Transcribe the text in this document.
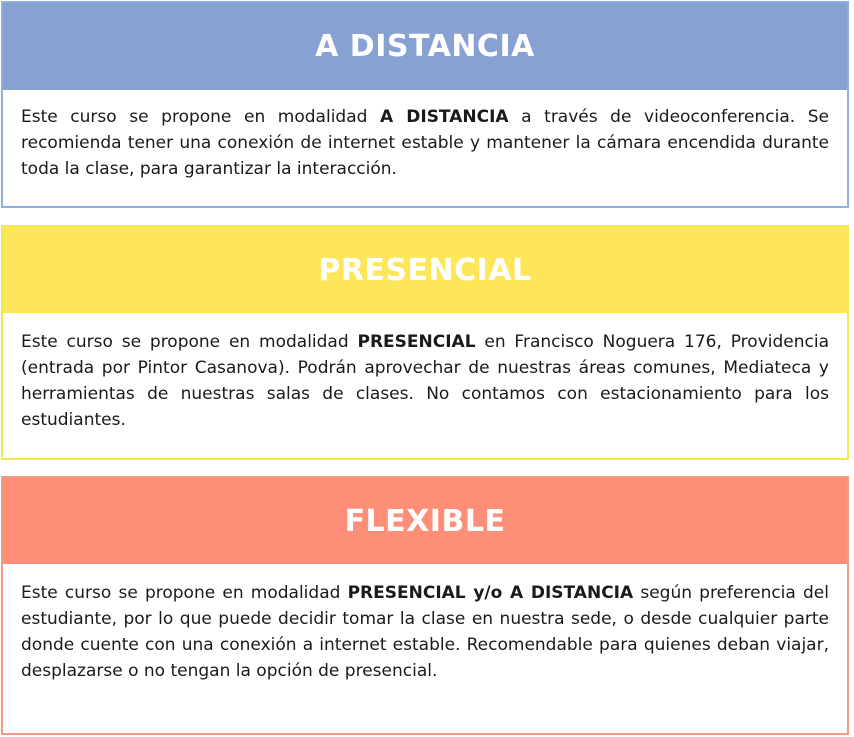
A DISTANCIA
Este curso se propone en modalidad A DISTANCIA a través de videoconferencia. Se recomienda tener una conexión de internet estable y mantener la cámara encendida durante toda la clase, para garantizar la interacción.
PRESENCIAL
Este curso se propone en modalidad PRESENCIAL en Francisco Noguera 176, Providencia (entrada por Pintor Casanova). Podrán aprovechar de nuestras áreas comunes, Mediateca y herramientas de nuestras salas de clases. No contamos con estacionamiento para los estudiantes.
FLEXIBLE
Este curso se propone en modalidad PRESENCIAL y/o A DISTANCIA según preferencia del estudiante, por lo que puede decidir tomar la clase en nuestra sede, o desde cualquier parte donde cuente con una conexión a internet estable. Recomendable para quienes deban viajar, desplazarse o no tengan la opción de presencial.
